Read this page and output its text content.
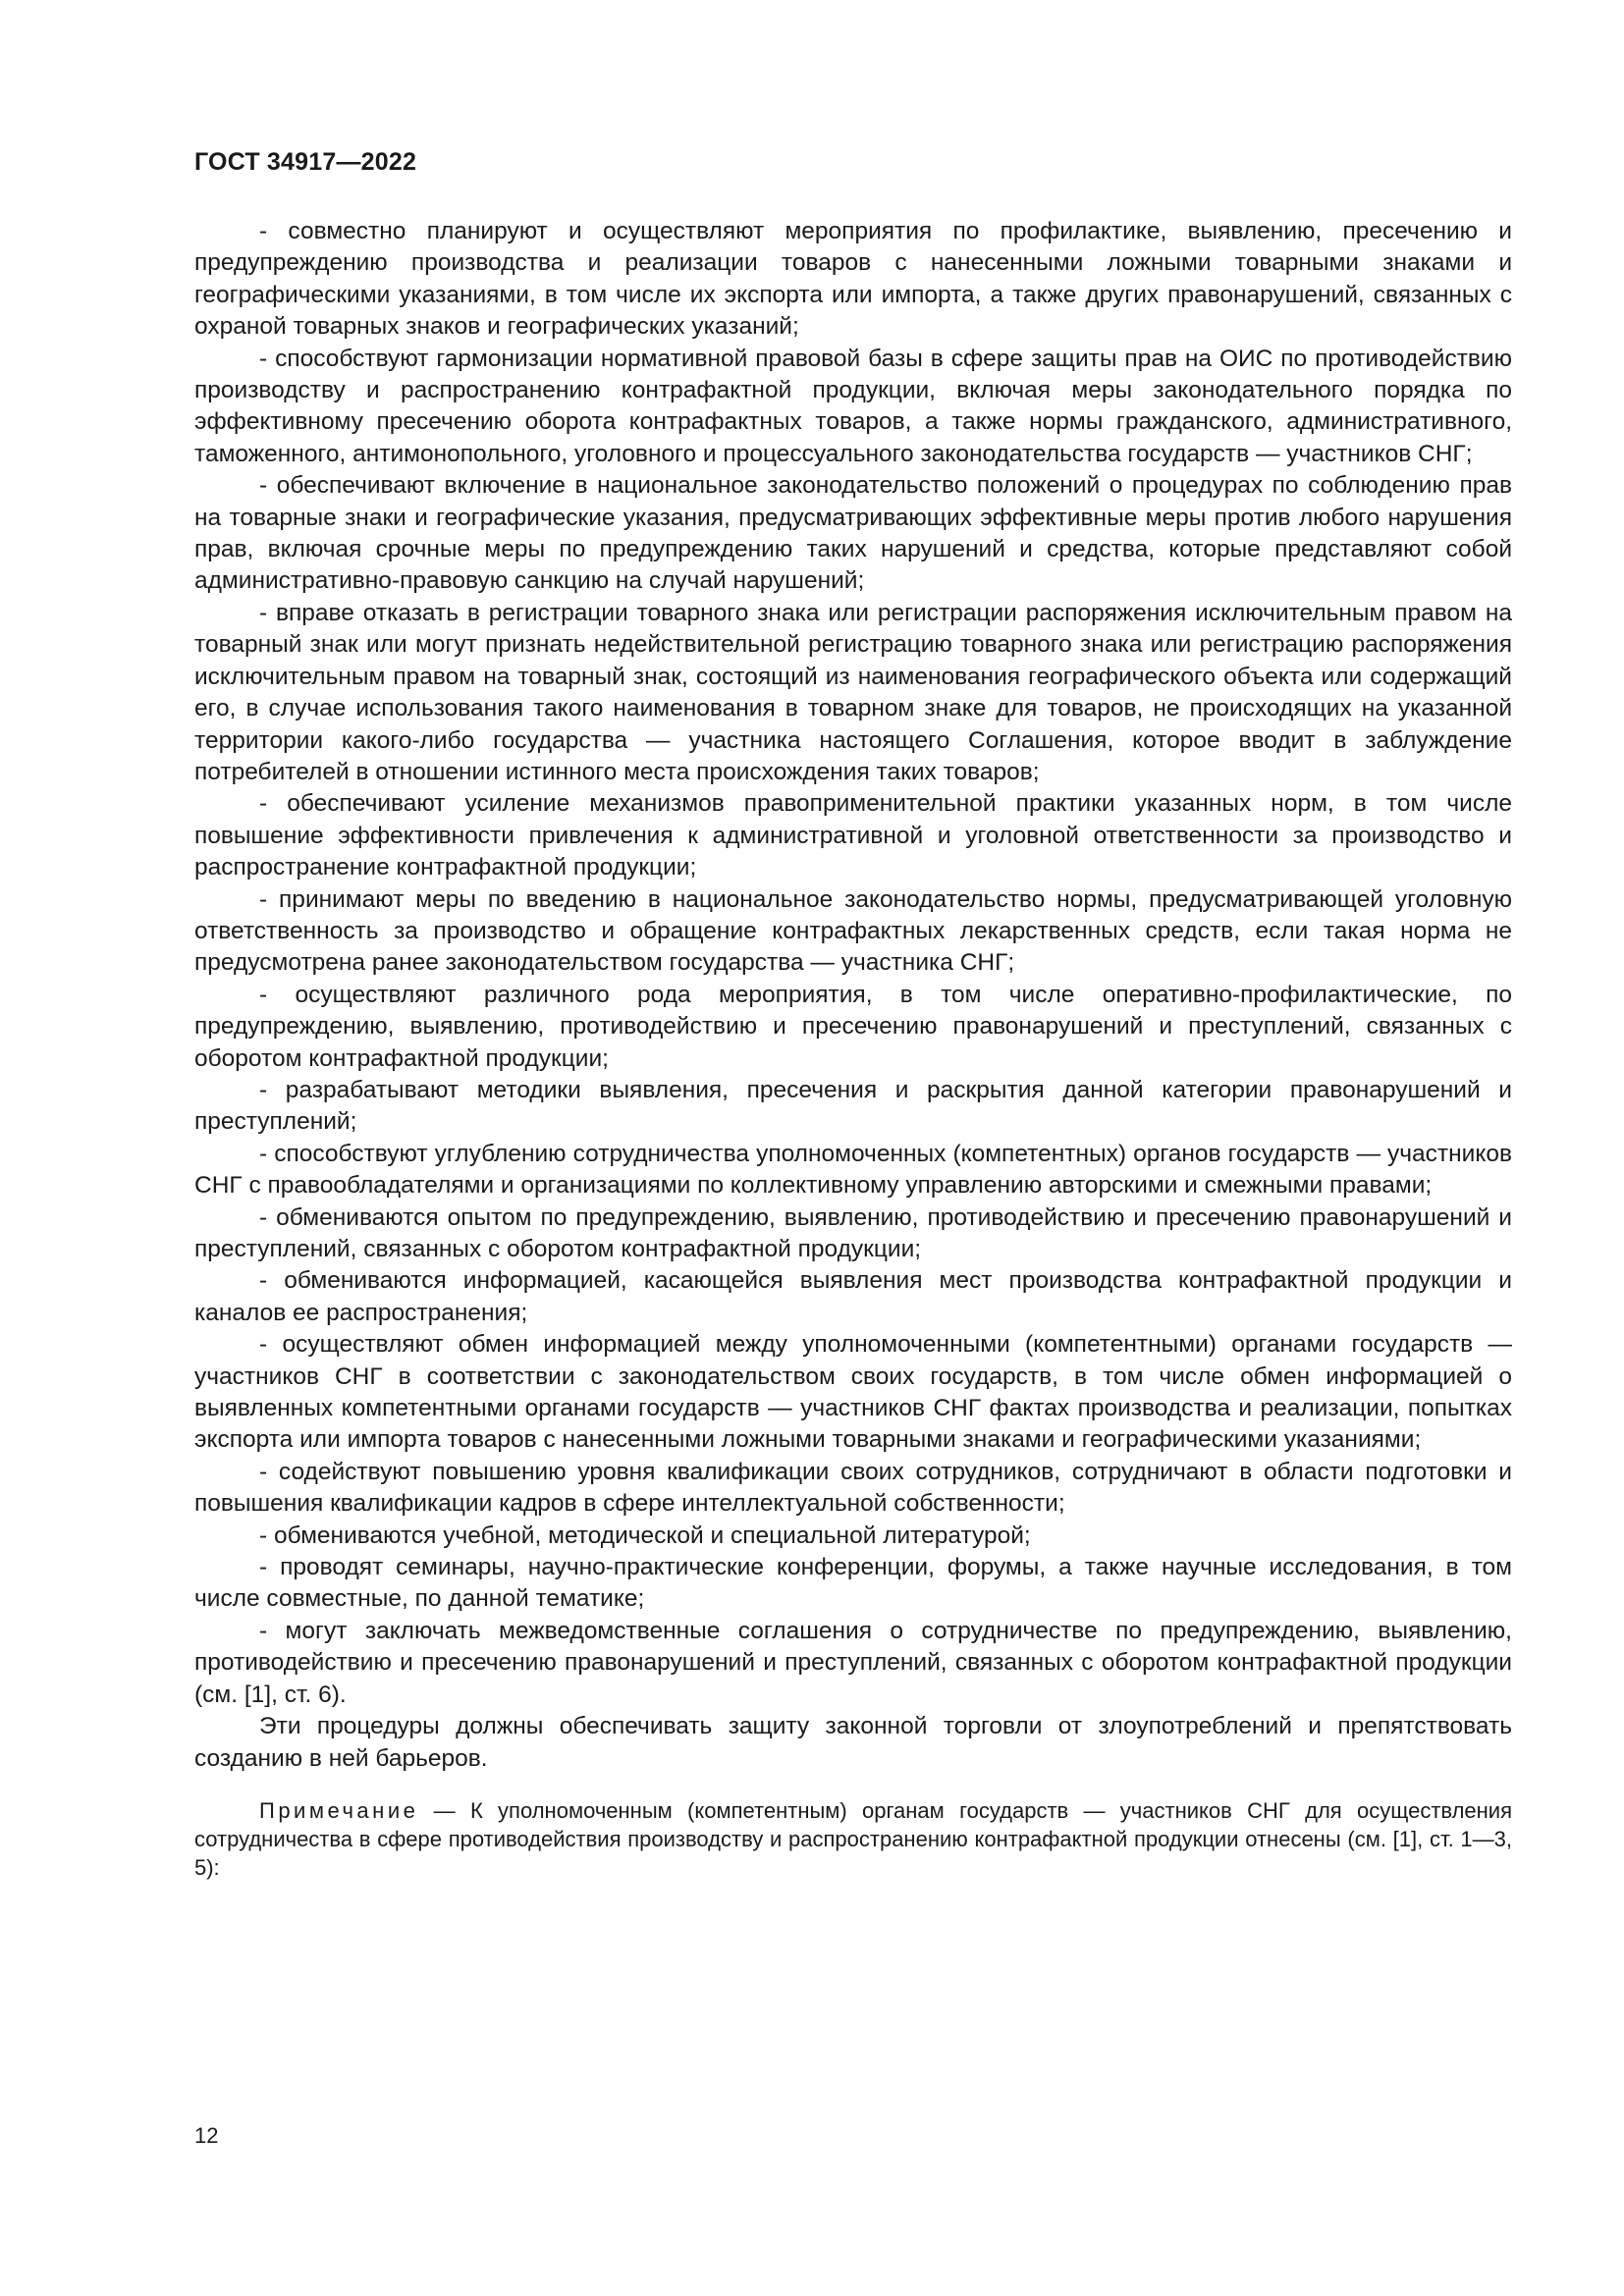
ГОСТ 34917—2022

- совместно планируют и осуществляют мероприятия по профилактике, выявлению, пресечению и предупреждению производства и реализации товаров с нанесенными ложными товарными знаками и географическими указаниями, в том числе их экспорта или импорта, а также других правонарушений, связанных с охраной товарных знаков и географических указаний;

- способствуют гармонизации нормативной правовой базы в сфере защиты прав на ОИС по противодействию производству и распространению контрафактной продукции, включая меры законодательного порядка по эффективному пресечению оборота контрафактных товаров, а также нормы гражданского, административного, таможенного, антимонопольного, уголовного и процессуального законодательства государств — участников СНГ;

- обеспечивают включение в национальное законодательство положений о процедурах по соблюдению прав на товарные знаки и географические указания, предусматривающих эффективные меры против любого нарушения прав, включая срочные меры по предупреждению таких нарушений и средства, которые представляют собой административно-правовую санкцию на случай нарушений;

- вправе отказать в регистрации товарного знака или регистрации распоряжения исключительным правом на товарный знак или могут признать недействительной регистрацию товарного знака или регистрацию распоряжения исключительным правом на товарный знак, состоящий из наименования географического объекта или содержащий его, в случае использования такого наименования в товарном знаке для товаров, не происходящих на указанной территории какого-либо государства — участника настоящего Соглашения, которое вводит в заблуждение потребителей в отношении истинного места происхождения таких товаров;

- обеспечивают усиление механизмов правоприменительной практики указанных норм, в том числе повышение эффективности привлечения к административной и уголовной ответственности за производство и распространение контрафактной продукции;

- принимают меры по введению в национальное законодательство нормы, предусматривающей уголовную ответственность за производство и обращение контрафактных лекарственных средств, если такая норма не предусмотрена ранее законодательством государства — участника СНГ;

- осуществляют различного рода мероприятия, в том числе оперативно-профилактические, по предупреждению, выявлению, противодействию и пресечению правонарушений и преступлений, связанных с оборотом контрафактной продукции;

- разрабатывают методики выявления, пресечения и раскрытия данной категории правонарушений и преступлений;

- способствуют углублению сотрудничества уполномоченных (компетентных) органов государств — участников СНГ с правообладателями и организациями по коллективному управлению авторскими и смежными правами;

- обмениваются опытом по предупреждению, выявлению, противодействию и пресечению правонарушений и преступлений, связанных с оборотом контрафактной продукции;

- обмениваются информацией, касающейся выявления мест производства контрафактной продукции и каналов ее распространения;

- осуществляют обмен информацией между уполномоченными (компетентными) органами государств — участников СНГ в соответствии с законодательством своих государств, в том числе обмен информацией о выявленных компетентными органами государств — участников СНГ фактах производства и реализации, попытках экспорта или импорта товаров с нанесенными ложными товарными знаками и географическими указаниями;

- содействуют повышению уровня квалификации своих сотрудников, сотрудничают в области подготовки и повышения квалификации кадров в сфере интеллектуальной собственности;

- обмениваются учебной, методической и специальной литературой;

- проводят семинары, научно-практические конференции, форумы, а также научные исследования, в том числе совместные, по данной тематике;

- могут заключать межведомственные соглашения о сотрудничестве по предупреждению, выявлению, противодействию и пресечению правонарушений и преступлений, связанных с оборотом контрафактной продукции (см. [1], ст. 6).

Эти процедуры должны обеспечивать защиту законной торговли от злоупотреблений и препятствовать созданию в ней барьеров.

Примечание — К уполномоченным (компетентным) органам государств — участников СНГ для осуществления сотрудничества в сфере противодействия производству и распространению контрафактной продукции отнесены (см. [1], ст. 1—3, 5):
12
